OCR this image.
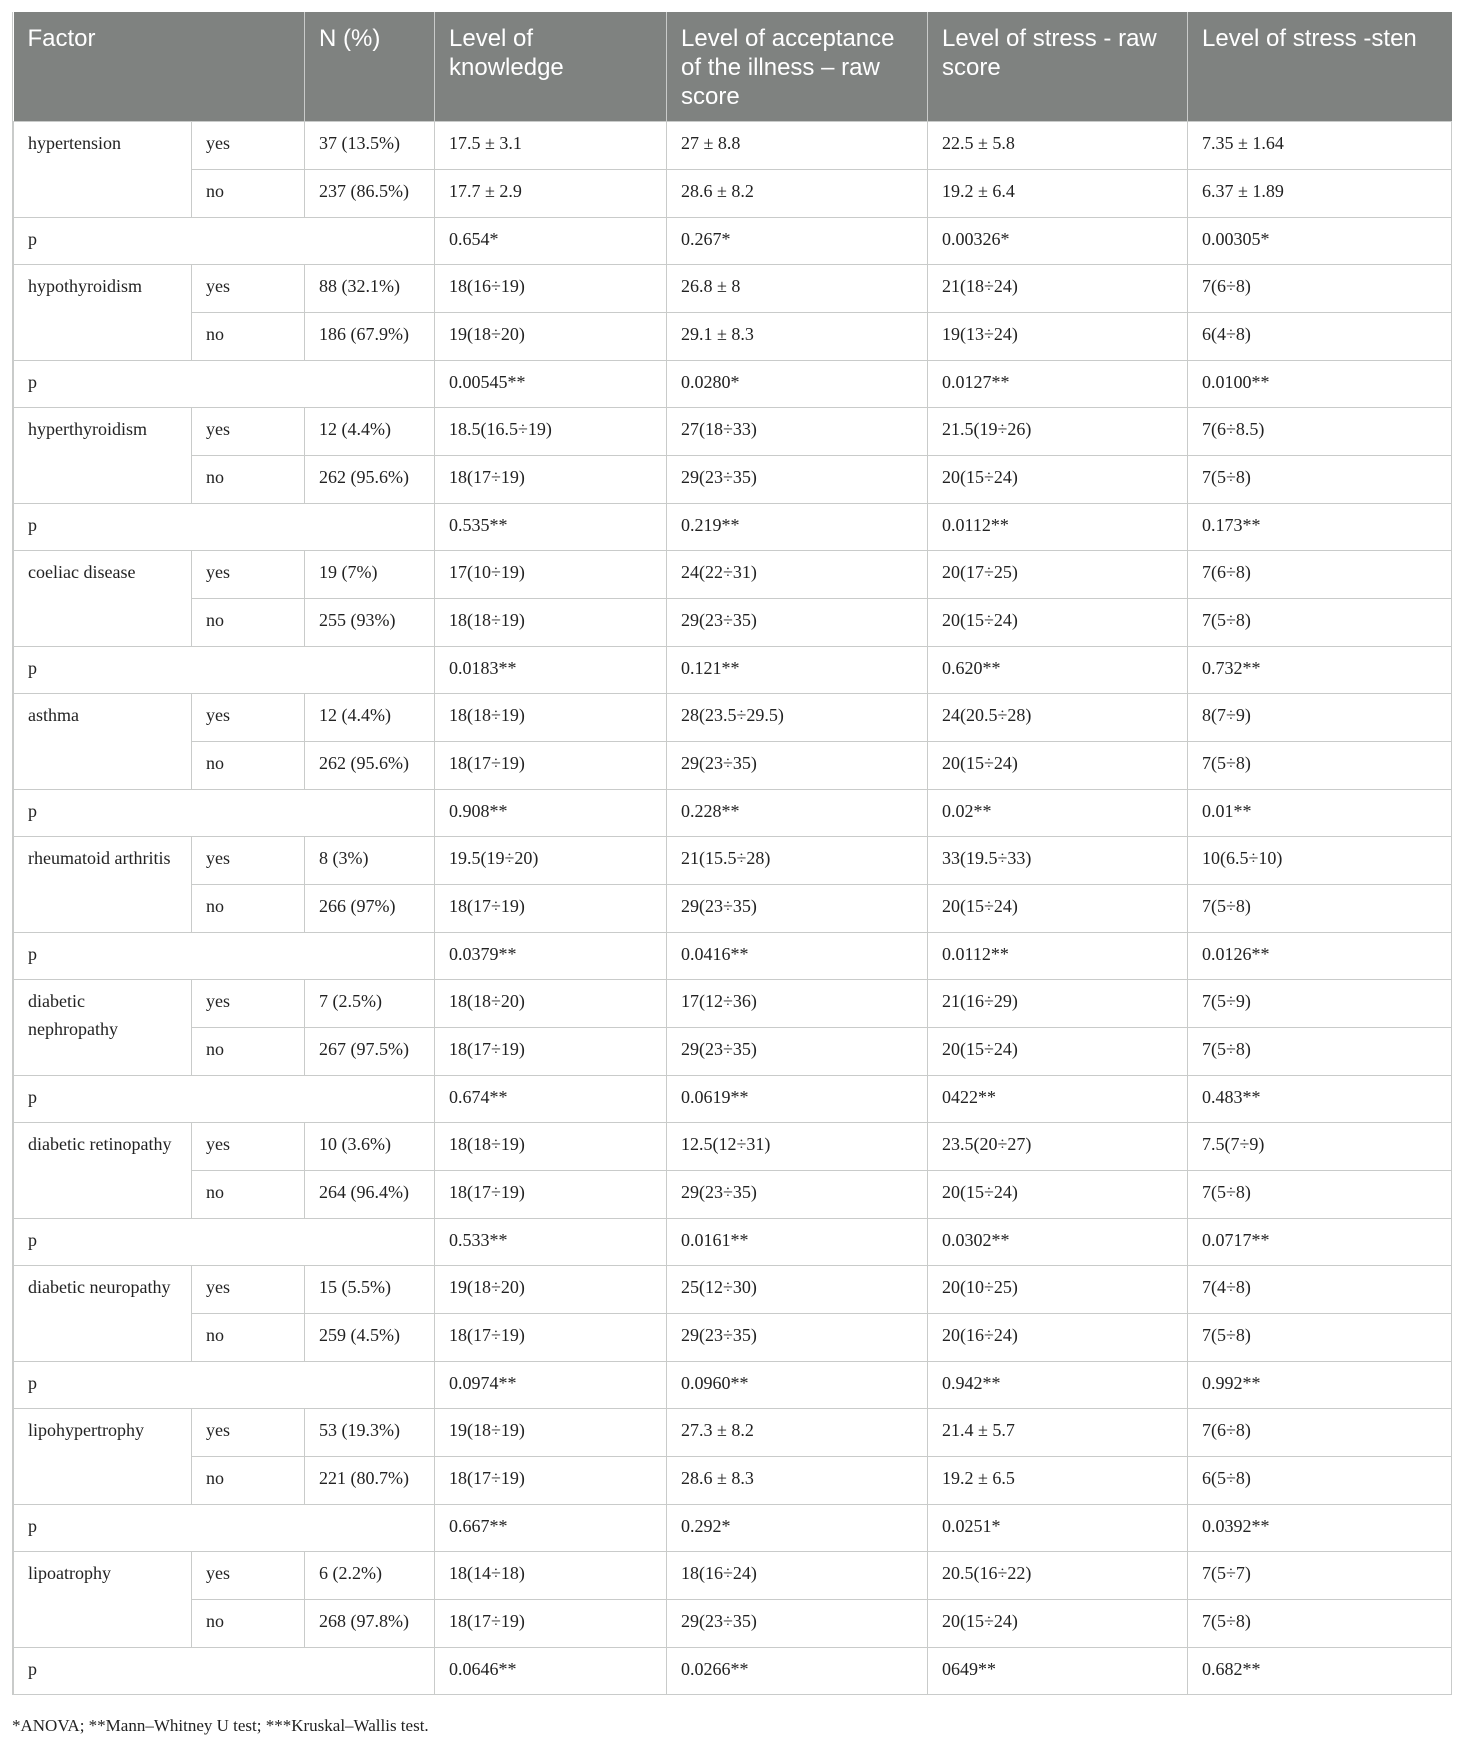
Factor		N (%)	Level of knowledge	Level of acceptance of the illness – raw score	Level of stress - raw score	Level of stress -sten
hypertension	yes	37 (13.5%)	17.5 ± 3.1	27 ± 8.8	22.5 ± 5.8	7.35 ± 1.64
	no	237 (86.5%)	17.7 ± 2.9	28.6 ± 8.2	19.2 ± 6.4	6.37 ± 1.89
p			0.654*	0.267*	0.00326*	0.00305*
hypothyroidism	yes	88 (32.1%)	18(16÷19)	26.8 ± 8	21(18÷24)	7(6÷8)
	no	186 (67.9%)	19(18÷20)	29.1 ± 8.3	19(13÷24)	6(4÷8)
p			0.00545**	0.0280*	0.0127**	0.0100**
hyperthyroidism	yes	12 (4.4%)	18.5(16.5÷19)	27(18÷33)	21.5(19÷26)	7(6÷8.5)
	no	262 (95.6%)	18(17÷19)	29(23÷35)	20(15÷24)	7(5÷8)
p			0.535**	0.219**	0.0112**	0.173**
coeliac disease	yes	19 (7%)	17(10÷19)	24(22÷31)	20(17÷25)	7(6÷8)
	no	255 (93%)	18(18÷19)	29(23÷35)	20(15÷24)	7(5÷8)
p			0.0183**	0.121**	0.620**	0.732**
asthma	yes	12 (4.4%)	18(18÷19)	28(23.5÷29.5)	24(20.5÷28)	8(7÷9)
	no	262 (95.6%)	18(17÷19)	29(23÷35)	20(15÷24)	7(5÷8)
p			0.908**	0.228**	0.02**	0.01**
rheumatoid arthritis	yes	8 (3%)	19.5(19÷20)	21(15.5÷28)	33(19.5÷33)	10(6.5÷10)
	no	266 (97%)	18(17÷19)	29(23÷35)	20(15÷24)	7(5÷8)
p			0.0379**	0.0416**	0.0112**	0.0126**
diabetic nephropathy	yes	7 (2.5%)	18(18÷20)	17(12÷36)	21(16÷29)	7(5÷9)
	no	267 (97.5%)	18(17÷19)	29(23÷35)	20(15÷24)	7(5÷8)
p			0.674**	0.0619**	0422**	0.483**
diabetic retinopathy	yes	10 (3.6%)	18(18÷19)	12.5(12÷31)	23.5(20÷27)	7.5(7÷9)
	no	264 (96.4%)	18(17÷19)	29(23÷35)	20(15÷24)	7(5÷8)
p			0.533**	0.0161**	0.0302**	0.0717**
diabetic neuropathy	yes	15 (5.5%)	19(18÷20)	25(12÷30)	20(10÷25)	7(4÷8)
	no	259 (4.5%)	18(17÷19)	29(23÷35)	20(16÷24)	7(5÷8)
p			0.0974**	0.0960**	0.942**	0.992**
lipohypertrophy	yes	53 (19.3%)	19(18÷19)	27.3 ± 8.2	21.4 ± 5.7	7(6÷8)
	no	221 (80.7%)	18(17÷19)	28.6 ± 8.3	19.2 ± 6.5	6(5÷8)
p			0.667**	0.292*	0.0251*	0.0392**
lipoatrophy	yes	6 (2.2%)	18(14÷18)	18(16÷24)	20.5(16÷22)	7(5÷7)
	no	268 (97.8%)	18(17÷19)	29(23÷35)	20(15÷24)	7(5÷8)
p			0.0646**	0.0266**	0649**	0.682**
*ANOVA; **Mann–Whitney U test; ***Kruskal–Wallis test.
